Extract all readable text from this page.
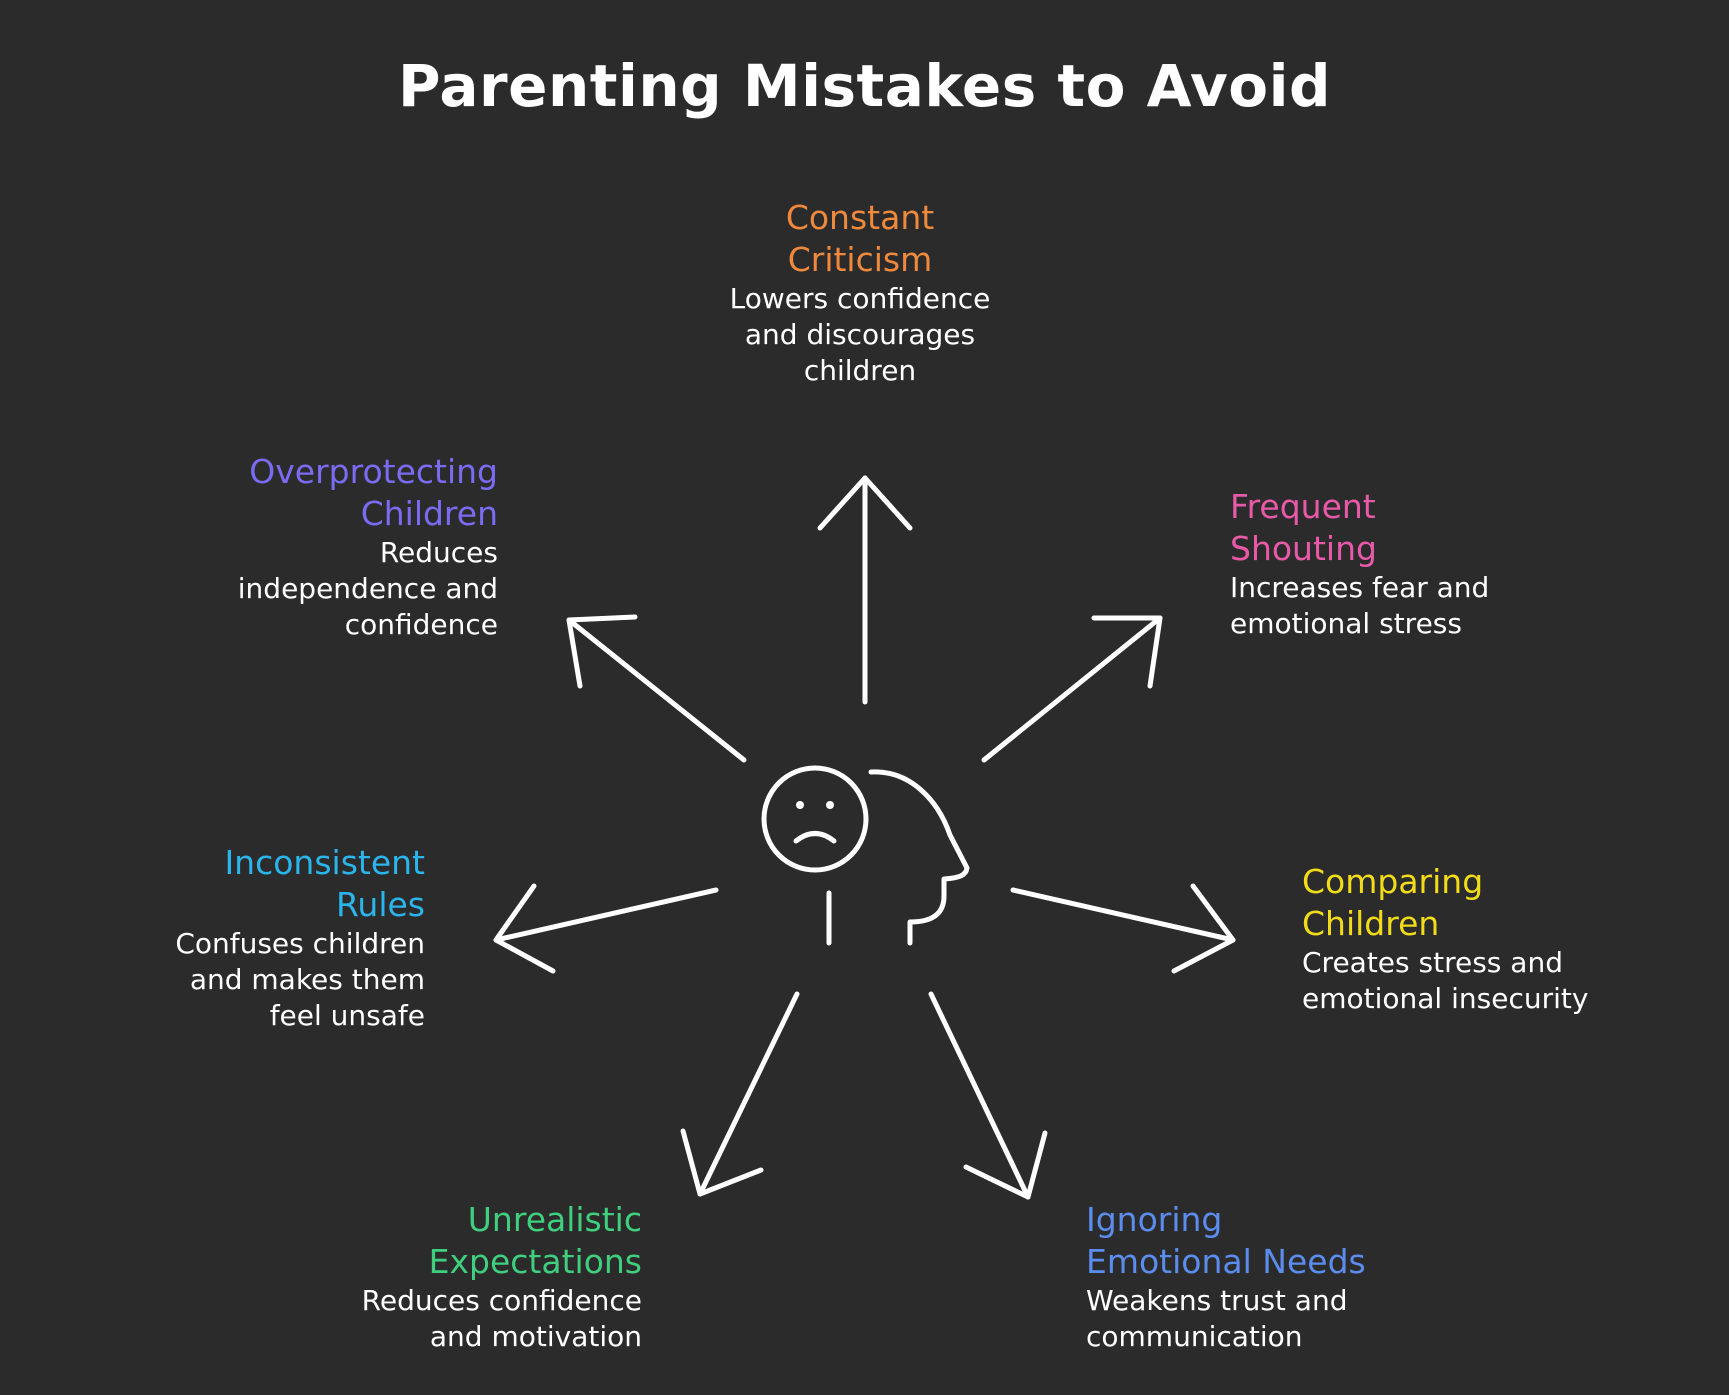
Parenting Mistakes to Avoid
Constant
Criticism
Lowers confidence
and discourages
children
Frequent
Shouting
Increases fear and
emotional stress
Comparing
Children
Creates stress and
emotional insecurity
Ignoring
Emotional Needs
Weakens trust and
communication
Unrealistic
Expectations
Reduces confidence
and motivation
Inconsistent
Rules
Confuses children
and makes them
feel unsafe
Overprotecting
Children
Reduces
independence and
confidence
